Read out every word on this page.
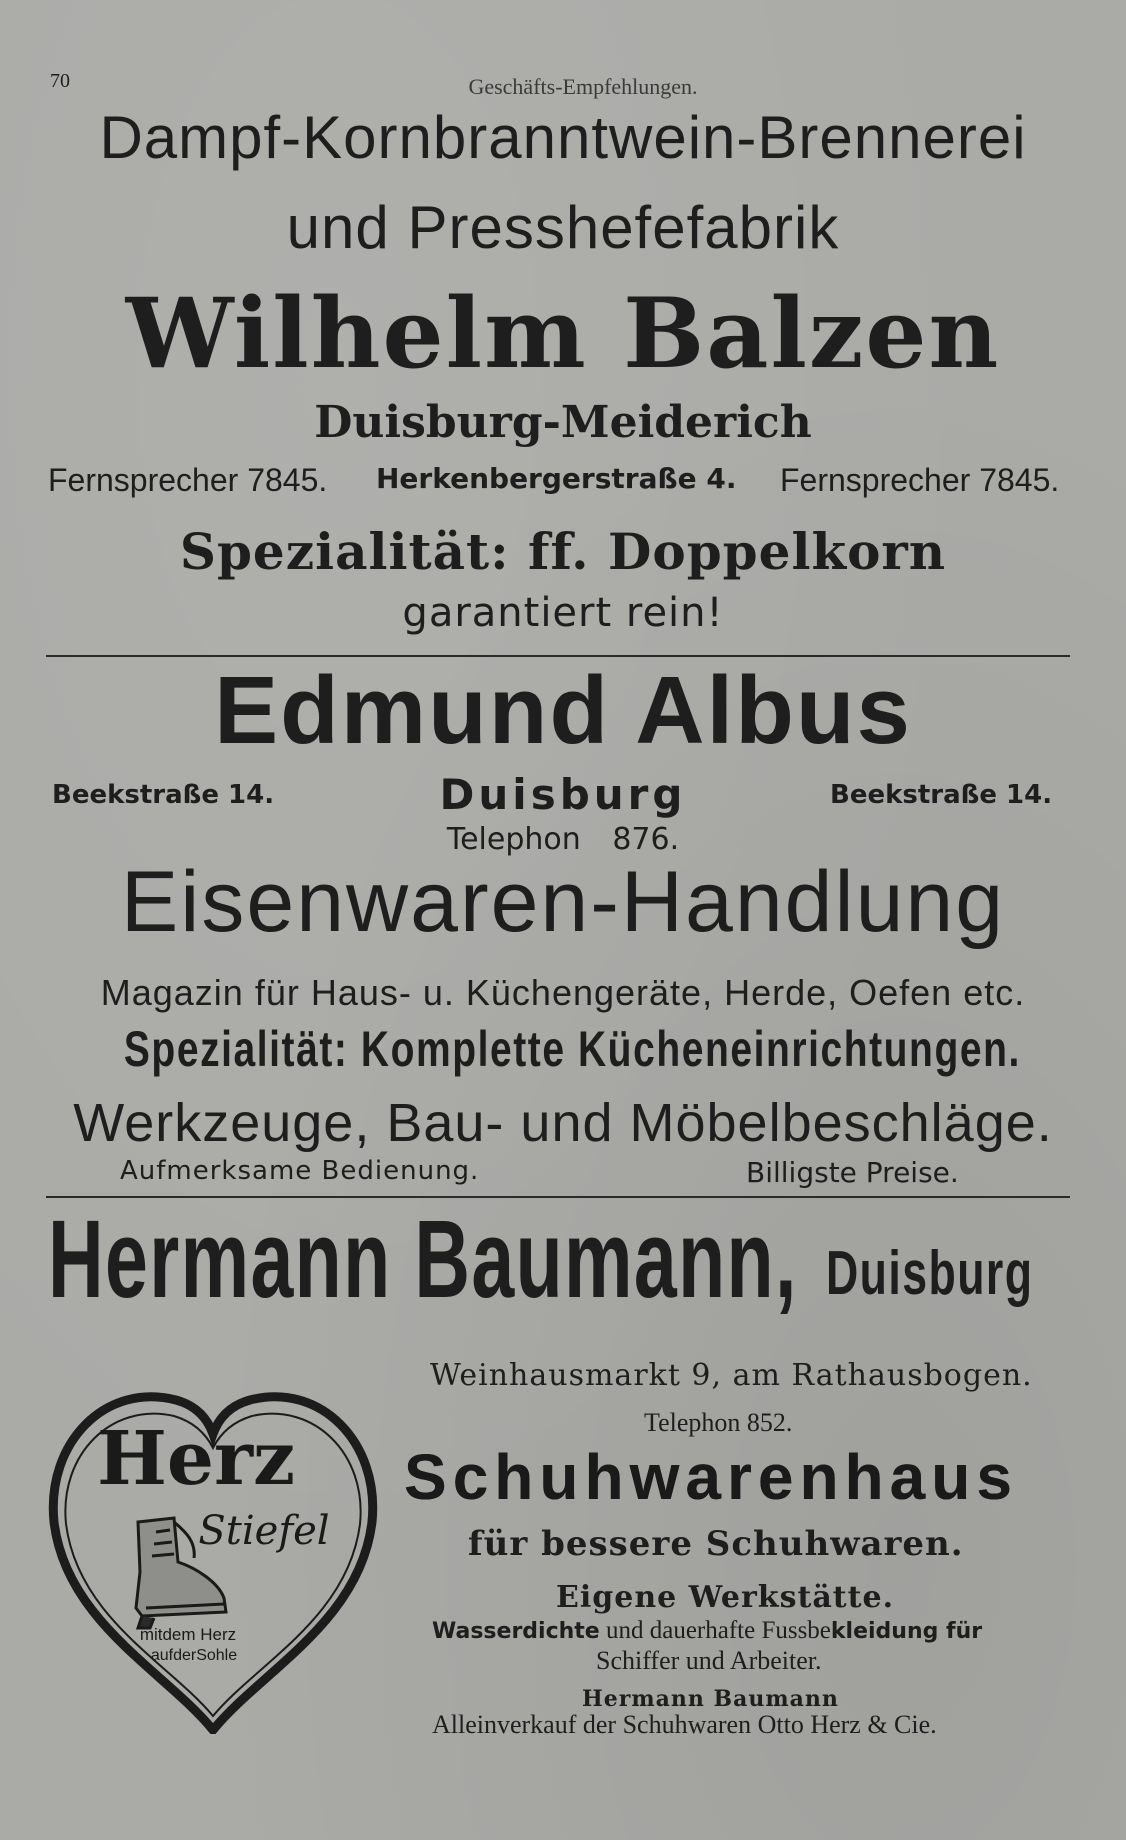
70	Geschäfts-Empfehlungen.
Dampf-Kornbranntwein-Brennerei
und Presshefefabrik
Wilhelm Balzen
Duisburg-Meiderich
Fernsprecher 7845. Herkenbergerstraße 4. Fernsprecher 7845.
Spezialität: ff. Doppelkorn
garantiert rein!
Edmund Albus
Beekstraße 14.	Duisburg	Beekstraße 14.
Telephon 876.
Eisenwaren-Handlung
Magazin für Haus- u. Küchengeräte, Herde, Oefen etc.
Spezialität: Komplette Kücheneinrichtungen.
Werkzeuge, Bau- und Möbelbeschläge.
Aufmerksame Bedienung.	Billigste Preise.
Hermann Baumann, Duisburg
Weinhausmarkt 9, am Rathausbogen.
Telephon 852.
Schuhwarenhaus
für bessere Schuhwaren.
Eigene Werkstätte.
Wasserdichte und dauerhafte Fussbekleidung für
Schiffer und Arbeiter.
Hermann Baumann
Alleinverkauf der Schuhwaren Otto Herz & Cie.
Herz
Stiefel
mitdem Herz
aufderSohle
